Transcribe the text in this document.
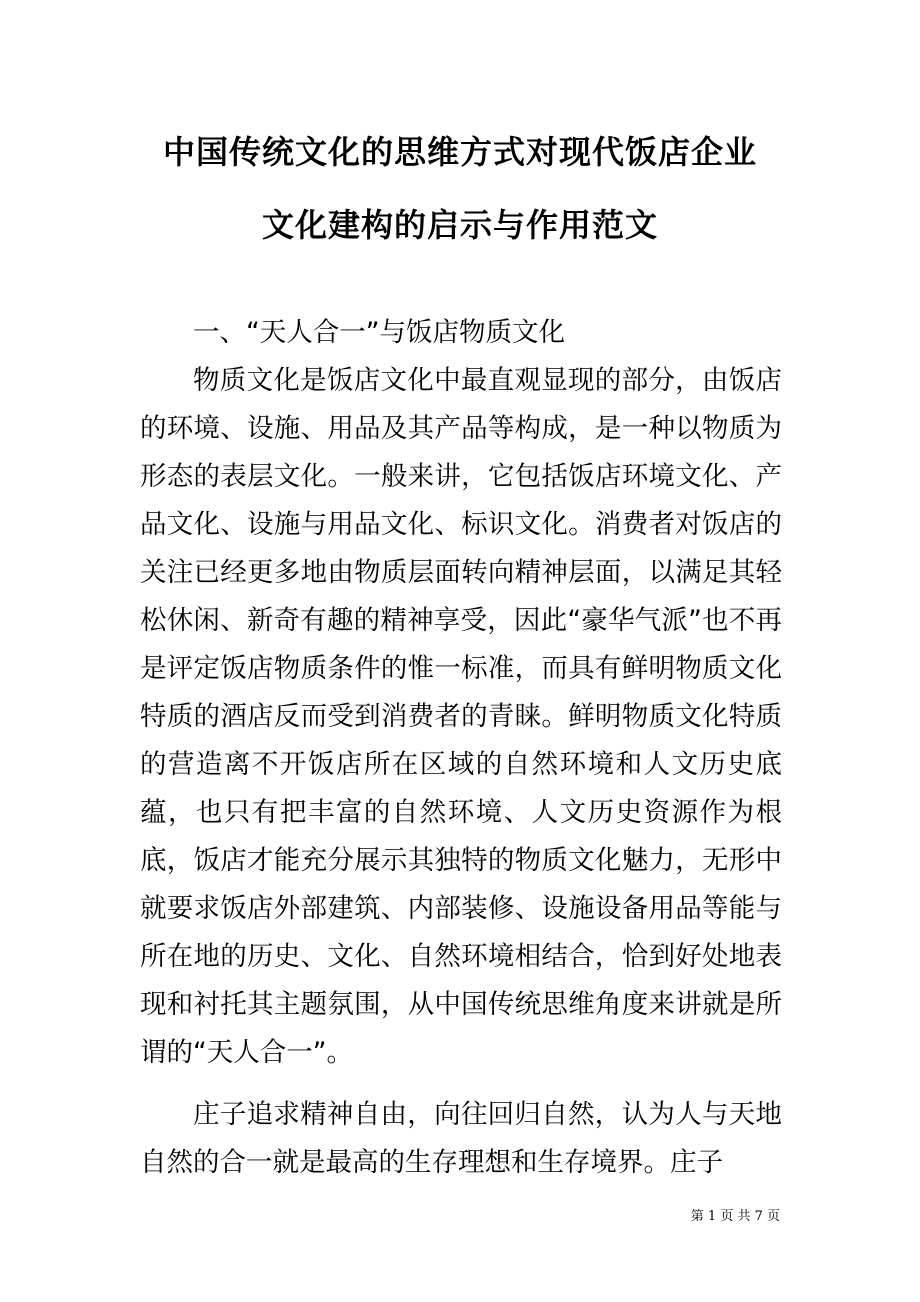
中国传统文化的思维方式对现代饭店企业
文化建构的启示与作用范文

一、“天人合一”与饭店物质文化

物质文化是饭店文化中最直观显现的部分，由饭店的环境、设施、用品及其产品等构成，是一种以物质为形态的表层文化。一般来讲，它包括饭店环境文化、产品文化、设施与用品文化、标识文化。消费者对饭店的关注已经更多地由物质层面转向精神层面，以满足其轻松休闲、新奇有趣的精神享受，因此“豪华气派”也不再是评定饭店物质条件的惟一标准，而具有鲜明物质文化特质的酒店反而受到消费者的青睐。鲜明物质文化特质的营造离不开饭店所在区域的自然环境和人文历史底蕴，也只有把丰富的自然环境、人文历史资源作为根底，饭店才能充分展示其独特的物质文化魅力，无形中就要求饭店外部建筑、内部装修、设施设备用品等能与所在地的历史、文化、自然环境相结合，恰到好处地表现和衬托其主题氛围，从中国传统思维角度来讲就是所谓的“天人合一”。

庄子追求精神自由，向往回归自然，认为人与天地自然的合一就是最高的生存理想和生存境界。庄子

第 1 页 共 7 页
